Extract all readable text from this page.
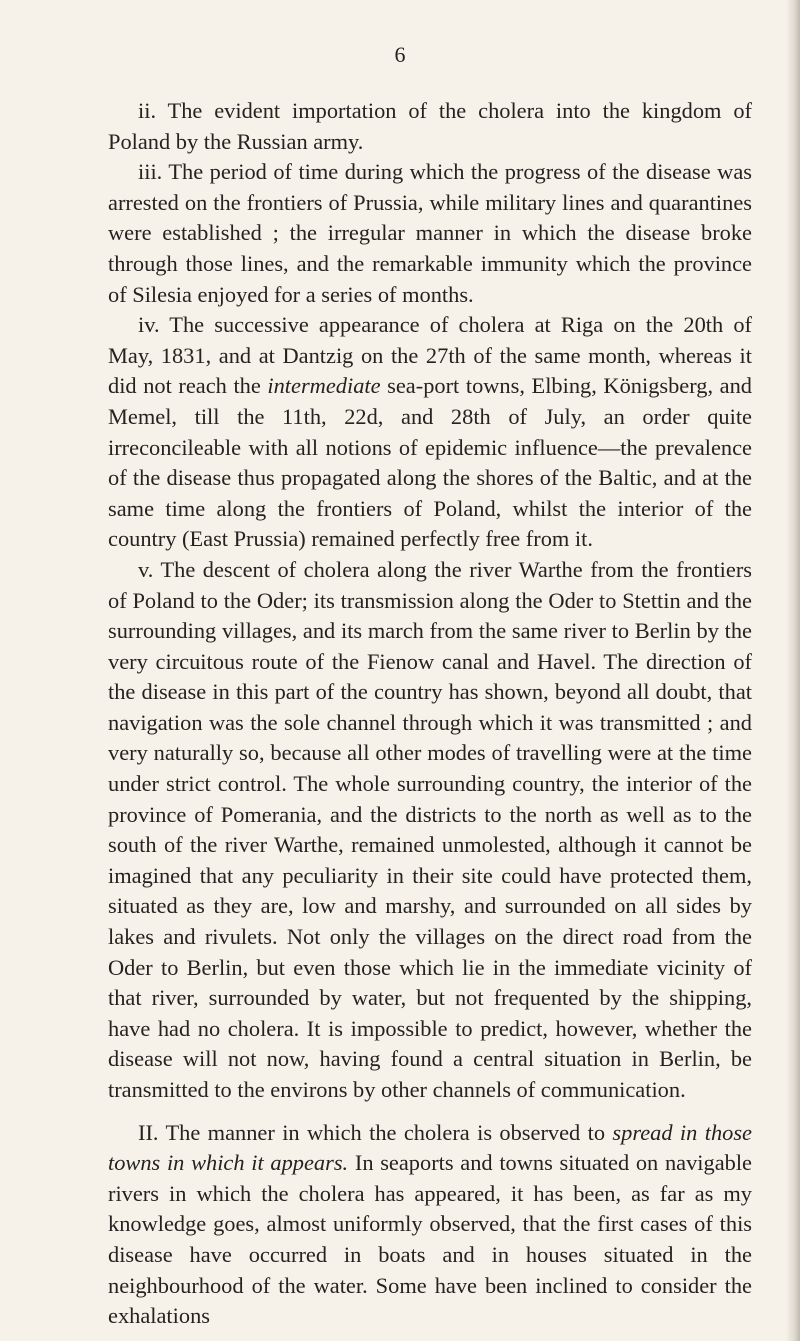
6

ii. The evident importation of the cholera into the kingdom of Poland by the Russian army.

iii. The period of time during which the progress of the disease was arrested on the frontiers of Prussia, while military lines and quarantines were established ; the irregular manner in which the disease broke through those lines, and the remarkable immunity which the province of Silesia enjoyed for a series of months.

iv. The successive appearance of cholera at Riga on the 20th of May, 1831, and at Dantzig on the 27th of the same month, whereas it did not reach the intermediate sea-port towns, Elbing, Königsberg, and Memel, till the 11th, 22d, and 28th of July, an order quite irreconcileable with all notions of epidemic influence—the prevalence of the disease thus propagated along the shores of the Baltic, and at the same time along the frontiers of Poland, whilst the interior of the country (East Prussia) remained perfectly free from it.

v. The descent of cholera along the river Warthe from the frontiers of Poland to the Oder; its transmission along the Oder to Stettin and the surrounding villages, and its march from the same river to Berlin by the very circuitous route of the Fienow canal and Havel. The direction of the disease in this part of the country has shown, beyond all doubt, that navigation was the sole channel through which it was transmitted ; and very naturally so, because all other modes of travelling were at the time under strict control. The whole surrounding country, the interior of the province of Pomerania, and the districts to the north as well as to the south of the river Warthe, remained unmolested, although it cannot be imagined that any peculiarity in their site could have protected them, situated as they are, low and marshy, and surrounded on all sides by lakes and rivulets. Not only the villages on the direct road from the Oder to Berlin, but even those which lie in the immediate vicinity of that river, surrounded by water, but not frequented by the shipping, have had no cholera. It is impossible to predict, however, whether the disease will not now, having found a central situation in Berlin, be transmitted to the environs by other channels of communication.

II. The manner in which the cholera is observed to spread in those towns in which it appears. In seaports and towns situated on navigable rivers in which the cholera has appeared, it has been, as far as my knowledge goes, almost uniformly observed, that the first cases of this disease have occurred in boats and in houses situated in the neighbourhood of the water. Some have been inclined to consider the exhalations
